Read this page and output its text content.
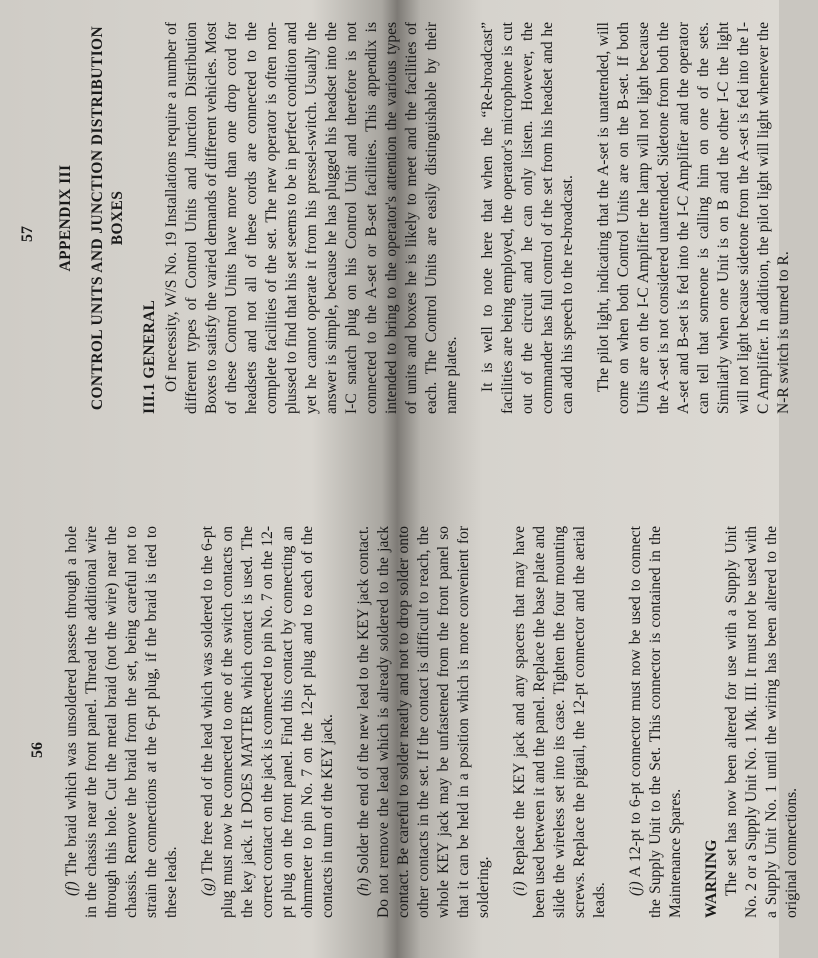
56

(f) The braid which was unsoldered passes through a hole in the chassis near the front panel. Thread the additional wire through this hole. Cut the metal braid (not the wire) near the chassis. Remove the braid from the set, being careful not to strain the connections at the 6-pt plug, if the braid is tied to these leads. (g) The free end of the lead which was soldered to the 6-pt plug must now be connected to one of the switch contacts on the key jack. It DOES MATTER which contact is used. The correct contact on the jack is connected to pin No. 7 on the 12-pt plug on the front panel. Find this contact by connecting an ohmmeter to pin No. 7 on the 12-pt plug and to each of the contacts in turn of the KEY jack. (h) Solder the end of the new lead to the KEY jack contact. Do not remove the lead which is already soldered to the jack contact. Be careful to solder neatly and not to drop solder onto other contacts in the set. If the contact is difficult to reach, the whole KEY jack may be unfastened from the front panel so that it can be held in a position which is more convenient for soldering. (i) Replace the KEY jack and any spacers that may have been used between it and the panel. Replace the base plate and slide the wireless set into its case. Tighten the four mounting screws. Replace the pigtail, the 12-pt connector and the aerial leads. (j) A 12-pt to 6-pt connector must now be used to connect the Supply Unit to the Set. This connector is contained in the Maintenance Spares. WARNING The set has now been altered for use with a Supply Unit No. 2 or a Supply Unit No. 1 Mk. III. It must not be used with a Supply Unit No. 1 until the wiring has been altered to the original connections.

57 APPENDIX III CONTROL UNITS AND JUNCTION DISTRIBUTION BOXES
III.1 GENERAL Of necessity, W/S No. 19 Installations require a number of different types of Control Units and Junction Distribution Boxes to satisfy the varied demands of different vehicles. Most of these Control Units have more than one drop cord for headsets and not all of these cords are connected to the complete facilities of the set. The new operator is often non-plussed to find that his set seems to be in perfect condition and yet he cannot operate it from his pressel-switch. Usually the answer is simple, because he has plugged his headset into the I-C snatch plug on his Control Unit and therefore is not connected to the A-set or B-set facilities. This appendix is intended to bring to the operator's attention the various types of units and boxes he is likely to meet and the facilities of each. The Control Units are easily distinguishable by their name plates. It is well to note here that when the “Re-broadcast” facilities are being employed, the operator's microphone is cut out of the circuit and he can only listen. However, the commander has full control of the set from his headset and he can add his speech to the re-broadcast. The pilot light, indicating that the A-set is unattended, will come on when both Control Units are on the B-set. If both Units are on the I-C Amplifier the lamp will not light because the A-set is not considered unattended. Sidetone from both the A-set and B-set is fed into the I-C Amplifier and the operator can tell that someone is calling him on one of the sets. Similarly when one Unit is on B and the other I-C the light will not light because sidetone from the A-set is fed into the I-C Amplifier. In addition, the pilot light will light whenever the N-R switch is turned to R.
